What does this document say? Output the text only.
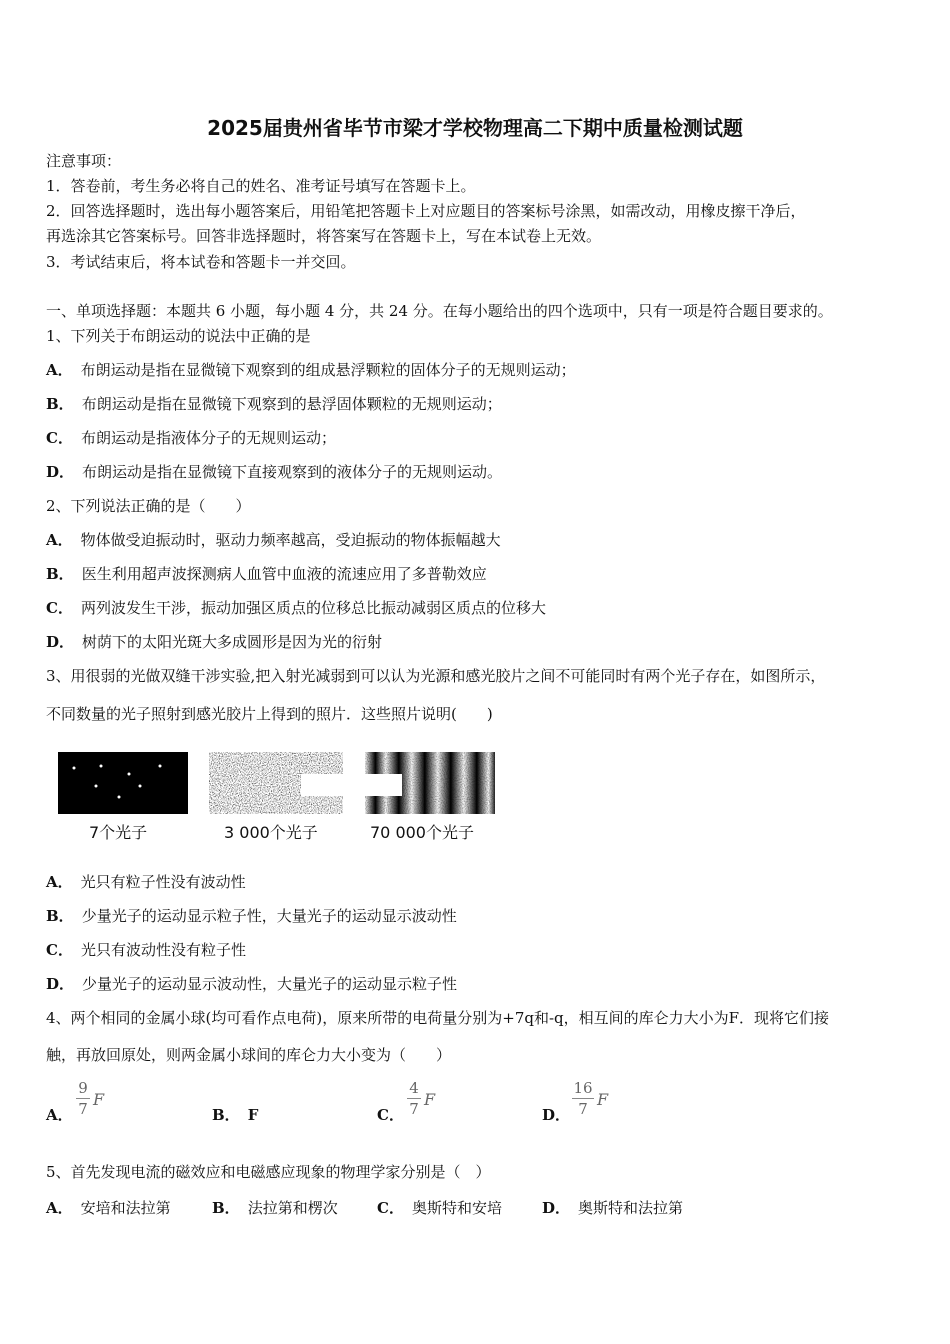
2025届贵州省毕节市梁才学校物理高二下期中质量检测试题
注意事项：
1．答卷前，考生务必将自己的姓名、准考证号填写在答题卡上。
2．回答选择题时，选出每小题答案后，用铅笔把答题卡上对应题目的答案标号涂黑，如需改动，用橡皮擦干净后，
再选涂其它答案标号。回答非选择题时，将答案写在答题卡上，写在本试卷上无效。
3．考试结束后，将本试卷和答题卡一并交回。
一、单项选择题：本题共 6 小题，每小题 4 分，共 24 分。在每小题给出的四个选项中，只有一项是符合题目要求的。
1、下列关于布朗运动的说法中正确的是
A． 布朗运动是指在显微镜下观察到的组成悬浮颗粒的固体分子的无规则运动；
B． 布朗运动是指在显微镜下观察到的悬浮固体颗粒的无规则运动；
C． 布朗运动是指液体分子的无规则运动；
D． 布朗运动是指在显微镜下直接观察到的液体分子的无规则运动。
2、下列说法正确的是（　　）
A． 物体做受迫振动时，驱动力频率越高，受迫振动的物体振幅越大
B． 医生利用超声波探测病人血管中血液的流速应用了多普勒效应
C． 两列波发生干涉，振动加强区质点的位移总比振动减弱区质点的位移大
D． 树荫下的太阳光斑大多成圆形是因为光的衍射
3、用很弱的光做双缝干涉实验,把入射光减弱到可以认为光源和感光胶片之间不可能同时有两个光子存在，如图所示，
不同数量的光子照射到感光胶片上得到的照片．这些照片说明(　　)
7个光子	3 000个光子	70 000个光子
A． 光只有粒子性没有波动性
B． 少量光子的运动显示粒子性，大量光子的运动显示波动性
C． 光只有波动性没有粒子性
D． 少量光子的运动显示波动性，大量光子的运动显示粒子性
4、两个相同的金属小球(均可看作点电荷)，原来所带的电荷量分别为+7q和-q，相互间的库仑力大小为F．现将它们接
触，再放回原处，则两金属小球间的库仑力大小变为（　　）
A．
9
7 F
B． F	C．
4
7 F
D．
16
7 F
5、首先发现电流的磁效应和电磁感应现象的物理学家分别是（　）
A． 安培和法拉第	B． 法拉第和楞次	C． 奥斯特和安培	D． 奥斯特和法拉第
